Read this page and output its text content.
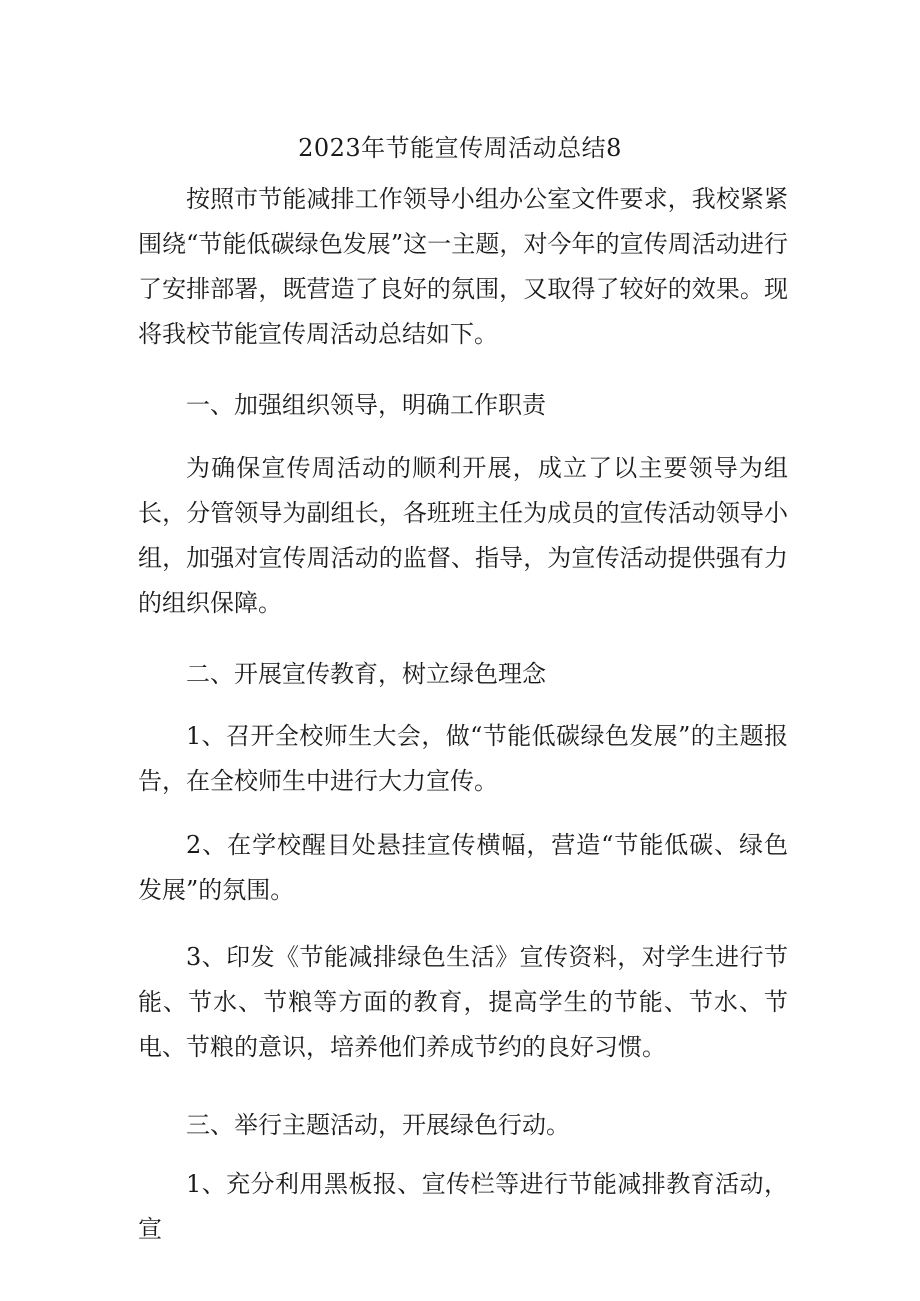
2023年节能宣传周活动总结8

按照市节能减排工作领导小组办公室文件要求，我校紧紧围绕“节能低碳绿色发展”这一主题，对今年的宣传周活动进行了安排部署，既营造了良好的氛围，又取得了较好的效果。现将我校节能宣传周活动总结如下。

一、加强组织领导，明确工作职责

为确保宣传周活动的顺利开展，成立了以主要领导为组长，分管领导为副组长，各班班主任为成员的宣传活动领导小组，加强对宣传周活动的监督、指导，为宣传活动提供强有力的组织保障。

二、开展宣传教育，树立绿色理念

1、召开全校师生大会，做“节能低碳绿色发展”的主题报告，在全校师生中进行大力宣传。

2、在学校醒目处悬挂宣传横幅，营造“节能低碳、绿色发展”的氛围。

3、印发《节能减排绿色生活》宣传资料，对学生进行节能、节水、节粮等方面的教育，提高学生的节能、节水、节电、节粮的意识，培养他们养成节约的良好习惯。

三、举行主题活动，开展绿色行动。

1、充分利用黑板报、宣传栏等进行节能减排教育活动，宣
